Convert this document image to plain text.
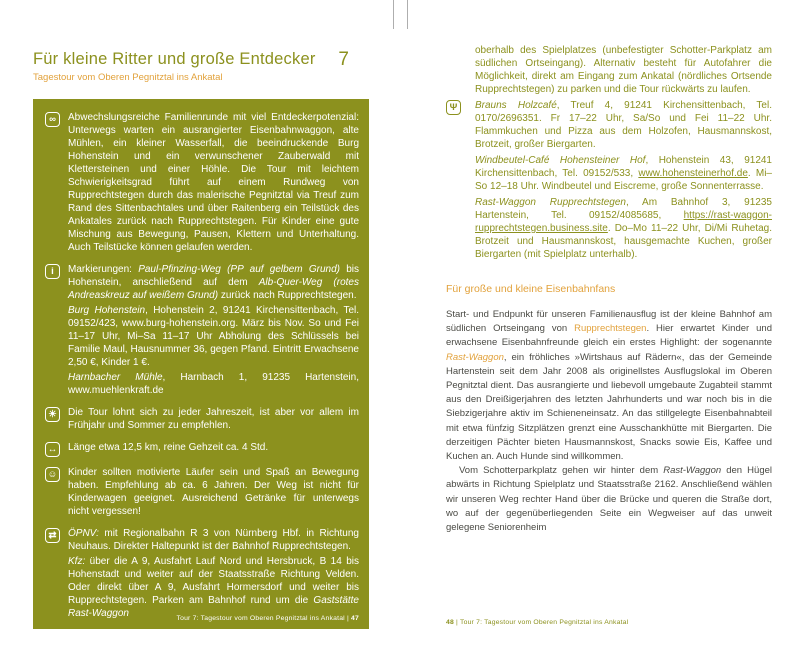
Für kleine Ritter und große Entdecker 7
Tagestour vom Oberen Pegnitztal ins Ankatal
∞	Abwechslungsreiche Familienrunde mit viel Entdeckerpotenzial: Unterwegs warten ein ausrangierter Eisenbahnwaggon, alte Mühlen, ein kleiner Wasserfall, die beeindruckende Burg Hohenstein und ein verwunschener Zauberwald mit Klettersteinen und einer Höhle. Die Tour mit leichtem Schwierigkeitsgrad führt auf einem Rundweg von Rupprechtstegen durch das malerische Pegnitztal via Treuf zum Rand des Sittenbachtales und über Raitenberg ein Teilstück des Ankatales zurück nach Rupprechtstegen. Für Kinder eine gute Mischung aus Bewegung, Pausen, Klettern und Unterhaltung. Auch Teilstücke können gelaufen werden.

i	Markierungen: Paul-Pfinzing-Weg (PP auf gelbem Grund) bis Hohenstein, anschließend auf dem Alb-Quer-Weg (rotes Andreaskreuz auf weißem Grund) zurück nach Rupprechtstegen.

Burg Hohenstein, Hohenstein 2, 91241 Kirchensittenbach, Tel. 09152/423, www.burg-hohenstein.org. März bis Nov. So und Fei 11–17 Uhr, Mi–Sa 11–17 Uhr Abholung des Schlüssels bei Familie Maul, Hausnummer 36, gegen Pfand. Eintritt Erwachsene 2,50 €, Kinder 1 €.

Harnbacher Mühle, Harnbach 1, 91235 Hartenstein, www.muehlenkraft.de

☀	Die Tour lohnt sich zu jeder Jahreszeit, ist aber vor allem im Frühjahr und Sommer zu empfehlen.

↔ Länge etwa 12,5 km, reine Gehzeit ca. 4 Std.

☺ Kinder sollten motivierte Läufer sein und Spaß an Bewegung haben. Empfehlung ab ca. 6 Jahren. Der Weg ist nicht für Kinderwagen geeignet. Ausreichend Getränke für unterwegs nicht vergessen!

⇄	ÖPNV: mit Regionalbahn R 3 von Nürnberg Hbf. in Richtung Neuhaus. Direkter Haltepunkt ist der Bahnhof Rupprechtstegen.

Kfz: über die A 9, Ausfahrt Lauf Nord und Hersbruck, B 14 bis Hohenstadt und weiter auf der Staatsstraße Richtung Velden. Oder direkt über A 9, Ausfahrt Hormersdorf und weiter bis Rupprechtstegen. Parken am Bahnhof rund um die Gaststätte Rast-Waggon	Tour 7: Tagestour vom Oberen Pegnitztal ins Ankatal | 47

oberhalb des Spielplatzes (unbefestigter Schotter-Parkplatz am südlichen Ortseingang). Alternativ besteht für Autofahrer die Möglichkeit, direkt am Eingang zum Ankatal (nördliches Ortsende Rupprechtstegen) zu parken und die Tour rückwärts zu laufen.

Ψ	Brauns Holzcafé, Treuf 4, 91241 Kirchensittenbach, Tel. 0170/2696351. Fr 17–22 Uhr, Sa/So und Fei 11–22 Uhr. Flammkuchen und Pizza aus dem Holzofen, Hausmannskost, Brotzeit, großer Biergarten.

Windbeutel-Café Hohensteiner Hof, Hohenstein 43, 91241 Kirchensittenbach, Tel. 09152/533, www.hohensteinerhof.de. Mi–So 12–18 Uhr. Windbeutel und Eiscreme, große Sonnenterrasse.

Rast-Waggon Rupprechtstegen, Am Bahnhof 3, 91235 Hartenstein, Tel. 09152/4085685, https://rast-waggon-rupprechtstegen.business.site. Do–Mo 11–22 Uhr, Di/Mi Ruhetag. Brotzeit und Hausmannskost, hausgemachte Kuchen, großer Biergarten (mit Spielplatz unterhalb).

Für große und kleine Eisenbahnfans

Start- und Endpunkt für unseren Familienausflug ist der kleine Bahnhof am südlichen Ortseingang von Rupprechtstegen. Hier erwartet Kinder und erwachsene Eisenbahnfreunde gleich ein erstes Highlight: der sogenannte Rast-Waggon, ein fröhliches »Wirtshaus auf Rädern«, das der Gemeinde Hartenstein seit dem Jahr 2008 als originellstes Ausflugslokal im Oberen Pegnitztal dient. Das ausrangierte und liebevoll umgebaute Zugabteil stammt aus den Dreißigerjahren des letzten Jahrhunderts und war noch bis in die Siebzigerjahre aktiv im Schieneneinsatz. An das stillgelegte Eisenbahnabteil mit etwa fünfzig Sitzplätzen grenzt eine Ausschankhütte mit Biergarten. Die derzeitigen Pächter bieten Hausmannskost, Snacks sowie Eis, Kaffee und Kuchen an. Auch Hunde sind willkommen.

Vom Schotterparkplatz gehen wir hinter dem Rast-Waggon den Hügel abwärts in Richtung Spielplatz und Staatsstraße 2162. Anschließend wählen wir unseren Weg rechter Hand über die Brücke und queren die Straße dort, wo auf der gegenüberliegenden Seite ein Wegweiser auf das unweit gelegene Seniorenheim

48 | Tour 7: Tagestour vom Oberen Pegnitztal ins Ankatal
